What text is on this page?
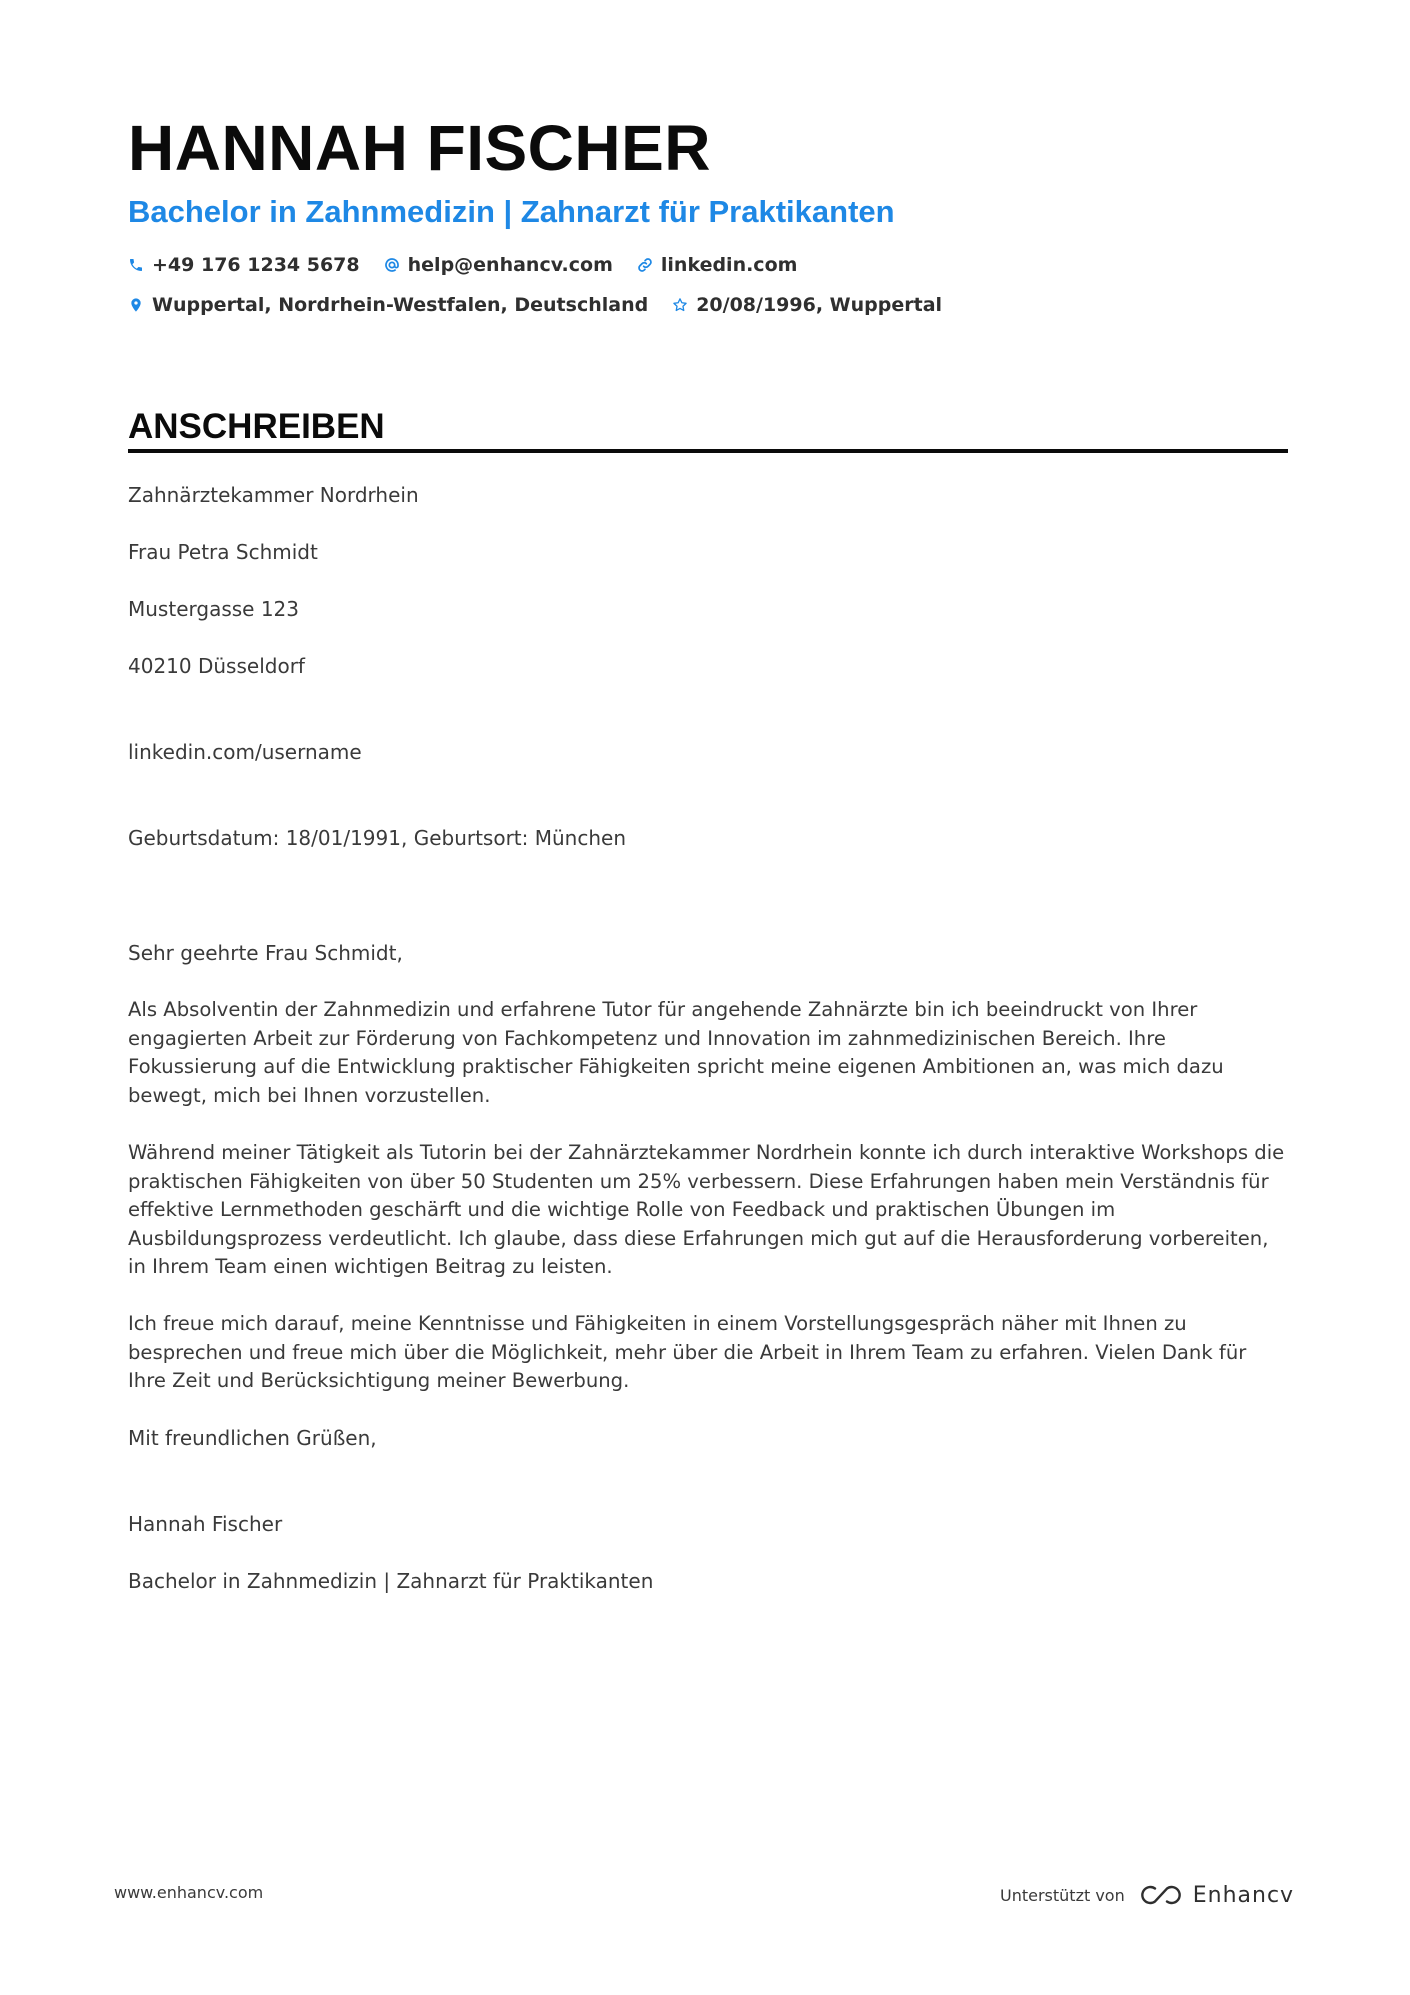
HANNAH FISCHER
Bachelor in Zahnmedizin | Zahnarzt für Praktikanten
+49 176 1234 5678	help@enhancv.com	linkedin.com
Wuppertal, Nordrhein-Westfalen, Deutschland	20/08/1996, Wuppertal
ANSCHREIBEN

Zahnärztekammer Nordrhein

Frau Petra Schmidt

Mustergasse 123

40210 Düsseldorf

linkedin.com/username

Geburtsdatum: 18/01/1991, Geburtsort: München

Sehr geehrte Frau Schmidt,

Als Absolventin der Zahnmedizin und erfahrene Tutor für angehende Zahnärzte bin ich beeindruckt von Ihrer engagierten Arbeit zur Förderung von Fachkompetenz und Innovation im zahnmedizinischen Bereich. Ihre Fokussierung auf die Entwicklung praktischer Fähigkeiten spricht meine eigenen Ambitionen an, was mich dazu bewegt, mich bei Ihnen vorzustellen.

Während meiner Tätigkeit als Tutorin bei der Zahnärztekammer Nordrhein konnte ich durch interaktive Workshops die praktischen Fähigkeiten von über 50 Studenten um 25% verbessern. Diese Erfahrungen haben mein Verständnis für effektive Lernmethoden geschärft und die wichtige Rolle von Feedback und praktischen Übungen im Ausbildungsprozess verdeutlicht. Ich glaube, dass diese Erfahrungen mich gut auf die Herausforderung vorbereiten, in Ihrem Team einen wichtigen Beitrag zu leisten.

Ich freue mich darauf, meine Kenntnisse und Fähigkeiten in einem Vorstellungsgespräch näher mit Ihnen zu besprechen und freue mich über die Möglichkeit, mehr über die Arbeit in Ihrem Team zu erfahren. Vielen Dank für Ihre Zeit und Berücksichtigung meiner Bewerbung.

Mit freundlichen Grüßen,

Hannah Fischer

Bachelor in Zahnmedizin | Zahnarzt für Praktikanten

www.enhancv.com	Unterstützt von	Enhancv
